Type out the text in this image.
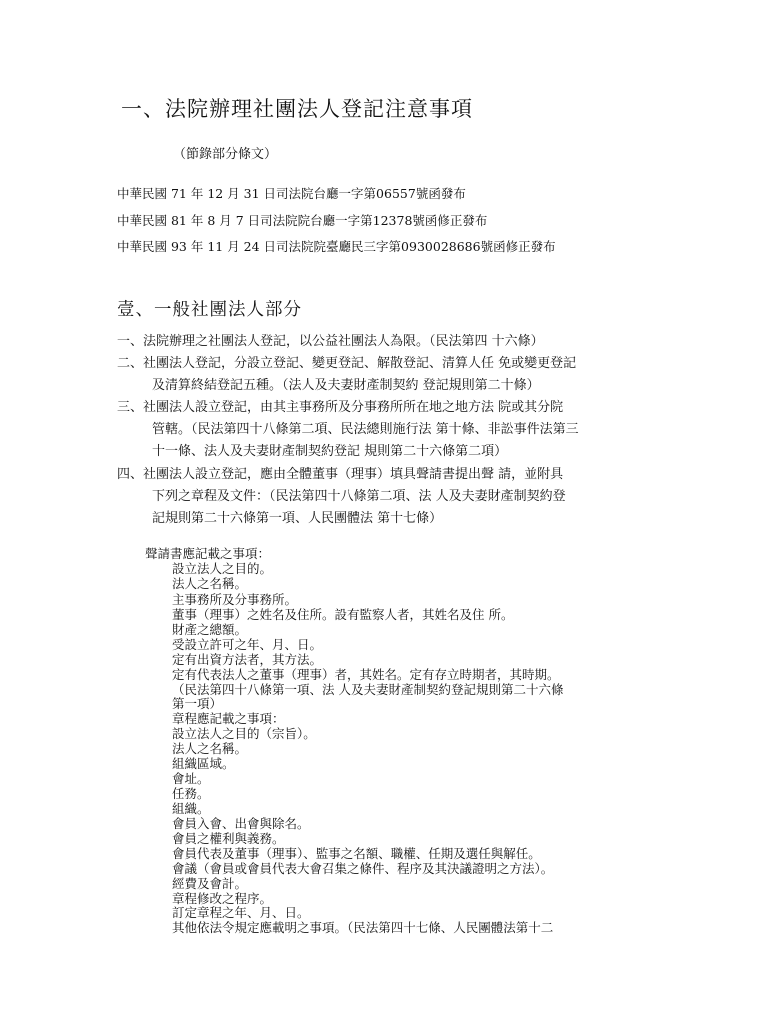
一、法院辦理社團法人登記注意事項
（節錄部分條文）
中華民國 71 年 12 月 31 日司法院台廳一字第06557號函發布
中華民國 81 年 8 月 7 日司法院院台廳一字第12378號函修正發布
中華民國 93 年 11 月 24 日司法院院臺廳民三字第0930028686號函修正發布
壹、一般社團法人部分
一、法院辦理之社團法人登記，以公益社團法人為限。（民法第四 十六條）
二、社團法人登記，分設立登記、變更登記、解散登記、清算人任 免或變更登記
及清算終結登記五種。（法人及夫妻財產制契約 登記規則第二十條）
三、社團法人設立登記，由其主事務所及分事務所所在地之地方法 院或其分院
管轄。（民法第四十八條第二項、民法總則施行法 第十條、非訟事件法第三
十一條、法人及夫妻財產制契約登記 規則第二十六條第二項）
四、社團法人設立登記，應由全體董事（理事）填具聲請書提出聲 請，並附具
下列之章程及文件：（民法第四十八條第二項、法 人及夫妻財產制契約登
記規則第二十六條第一項、人民團體法 第十七條）
聲請書應記載之事項：
設立法人之目的。
法人之名稱。
主事務所及分事務所。
董事（理事）之姓名及住所。設有監察人者，其姓名及住 所。
財產之總額。
受設立許可之年、月、日。
定有出資方法者，其方法。
定有代表法人之董事（理事）者，其姓名。定有存立時期者，其時期。
（民法第四十八條第一項、法 人及夫妻財產制契約登記規則第二十六條
第一項）
章程應記載之事項：
設立法人之目的（宗旨）。
法人之名稱。
組織區域。
會址。
任務。
組織。
會員入會、出會與除名。
會員之權利與義務。
會員代表及董事（理事）、監事之名額、職權、任期及選任與解任。
會議（會員或會員代表大會召集之條件、程序及其決議證明之方法）。
經費及會計。
章程修改之程序。
訂定章程之年、月、日。
其他依法令規定應載明之事項。（民法第四十七條、人民團體法第十二
